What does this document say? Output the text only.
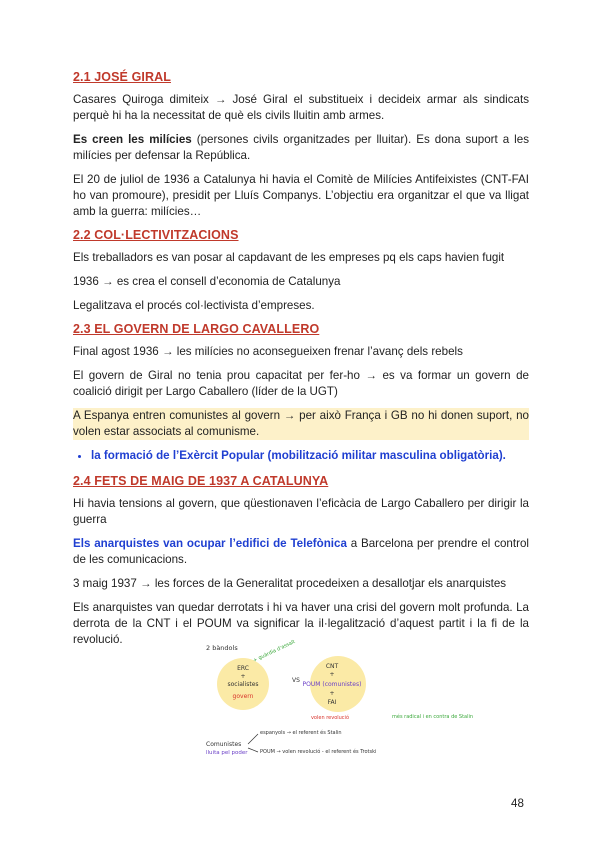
2.1 JOSÉ GIRAL

Casares Quiroga dimiteix → José Giral el substitueix i decideix armar als sindicats perquè hi ha la necessitat de què els civils lluitin amb armes.

Es creen les milícies (persones civils organitzades per lluitar). Es dona suport a les milícies per defensar la República.

El 20 de juliol de 1936 a Catalunya hi havia el Comitè de Milícies Antifeixistes (CNT-FAI ho van promoure), presidit per Lluís Companys. L’objectiu era organitzar el que va lligat amb la guerra: milícies…

2.2 COL·LECTIVITZACIONS

Els treballadors es van posar al capdavant de les empreses pq els caps havien fugit

1936 → es crea el consell d’economia de Catalunya

Legalitzava el procés col·lectivista d’empreses.

2.3 EL GOVERN DE LARGO CAVALLERO

Final agost 1936 → les milícies no aconsegueixen frenar l’avanç dels rebels

El govern de Giral no tenia prou capacitat per fer-ho → es va formar un govern de coalició dirigit per Largo Caballero (líder de la UGT)

A Espanya entren comunistes al govern → per això França i GB no hi donen suport, no volen estar associats al comunisme.

• la formació de l’Exèrcit Popular (mobilització militar masculina obligatòria).
2.4 FETS DE MAIG DE 1937 A CATALUNYA

Hi havia tensions al govern, que qüestionaven l’eficàcia de Largo Caballero per dirigir la guerra

Els anarquistes van ocupar l’edifici de Telefònica a Barcelona per prendre el control de les comunicacions.

3 maig 1937 → les forces de la Generalitat procedeixen a desallotjar els anarquistes

Els anarquistes van quedar derrotats i hi va haver una crisi del govern molt profunda. La derrota de la CNT i el POUM va significar la il·legalització d’aquest partit i la fi de la revolució.

2 bàndols
ERC
+
socialistes
govern
+ guàrdia d'assalt
VS
CNT
+
POUM (comunistes)
+
FAI
volen revolució	més radical i en contra de Stalin
Comunistes
lluita pel poder
espanyols → el referent és Stalin
POUM → volen revolució - el referent és Trotski
48
